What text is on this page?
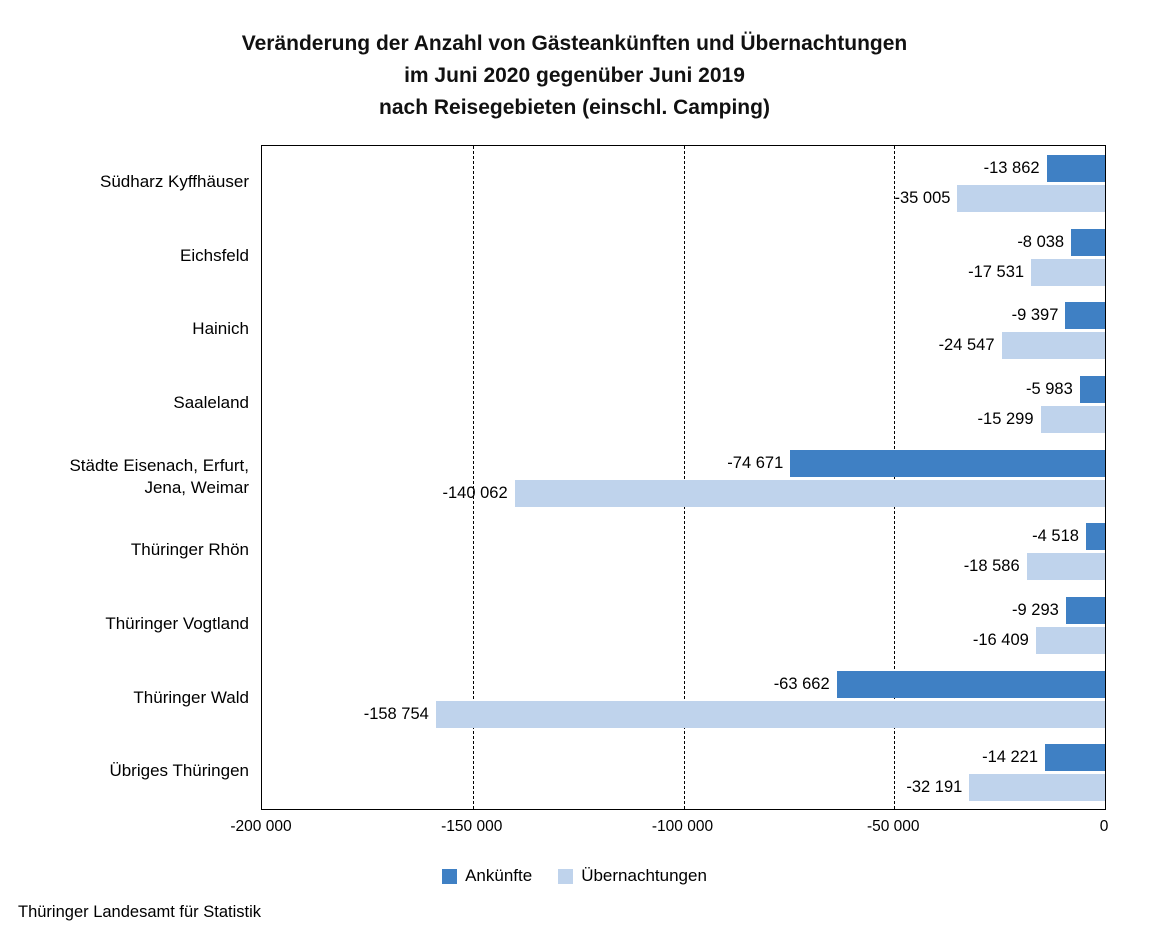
Veränderung der Anzahl von Gästeankünften und Übernachtungen
im Juni 2020 gegenüber Juni 2019
nach Reisegebieten (einschl. Camping)
-13 862
-35 005
-8 038
-17 531
-9 397
-24 547
-5 983
-15 299
-74 671
-140 062
-4 518
-18 586
-9 293
-16 409
-63 662
-158 754
-14 221
-32 191
Südharz Kyffhäuser
Eichsfeld
Hainich
Saaleland
Städte Eisenach, Erfurt,
Jena, Weimar
Thüringer Rhön
Thüringer Vogtland
Thüringer Wald
Übriges Thüringen
-200 000	-150 000	-100 000	-50 000	0
Ankünfte	Übernachtungen
Thüringer Landesamt für Statistik
